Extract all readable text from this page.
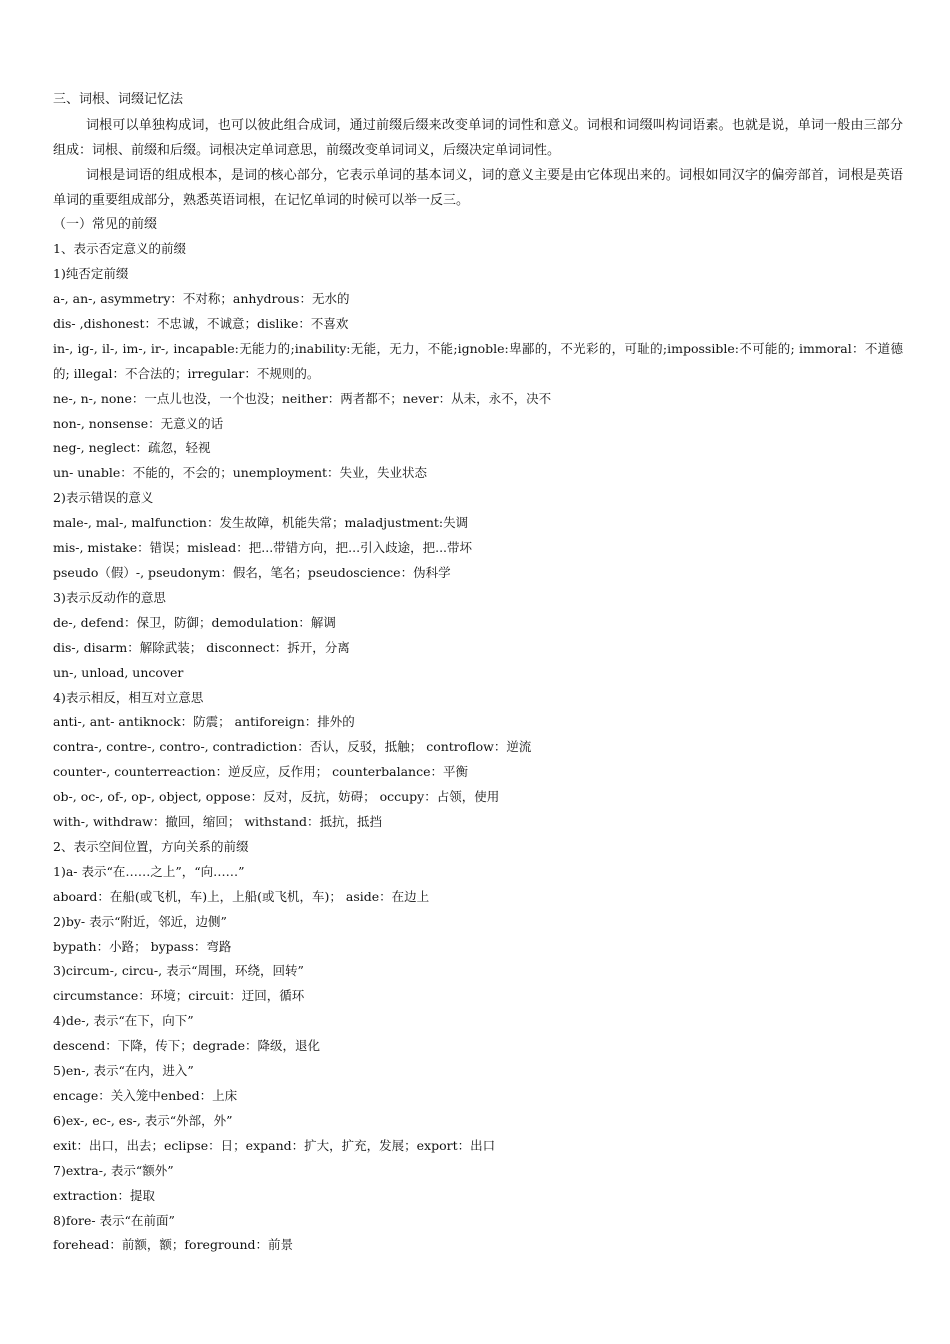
三、词根、词缀记忆法

词根可以单独构成词，也可以彼此组合成词，通过前缀后缀来改变单词的词性和意义。词根和词缀叫构词语素。也就是说，单词一般由三部分组成：词根、前缀和后缀。词根决定单词意思，前缀改变单词词义，后缀决定单词词性。

词根是词语的组成根本，是词的核心部分，它表示单词的基本词义，词的意义主要是由它体现出来的。词根如同汉字的偏旁部首，词根是英语单词的重要组成部分，熟悉英语词根，在记忆单词的时候可以举一反三。

（一）常见的前缀
1、表示否定意义的前缀
1)纯否定前缀
a-, an-, asymmetry：不对称；anhydrous：无水的
dis- ,dishonest：不忠诚，不诚意；dislike：不喜欢

in-, ig-, il-, im-, ir-, incapable:无能力的;inability:无能，无力，不能;ignoble:卑鄙的，不光彩的，可耻的;impossible:不可能的; immoral：不道德的; illegal：不合法的；irregular：不规则的。

ne-, n-, none：一点儿也没，一个也没；neither：两者都不；never：从未，永不，决不
non-, nonsense：无意义的话
neg-, neglect：疏忽，轻视
un- unable：不能的，不会的；unemployment：失业，失业状态
2)表示错误的意义
male-, mal-, malfunction：发生故障，机能失常；maladjustment:失调
mis-, mistake：错误；mislead：把...带错方向，把...引入歧途，把...带坏
pseudo（假）-, pseudonym：假名，笔名；pseudoscience：伪科学
3)表示反动作的意思
de-, defend：保卫，防御；demodulation：解调
dis-, disarm：解除武装； disconnect：拆开，分离
un-, unload, uncover
4)表示相反，相互对立意思
anti-, ant- antiknock：防震； antiforeign：排外的
contra-, contre-, contro-, contradiction：否认，反驳，抵触； controflow：逆流
counter-, counterreaction：逆反应，反作用； counterbalance：平衡
ob-, oc-, of-, op-, object, oppose：反对，反抗，妨碍； occupy：占领，使用
with-, withdraw：撤回，缩回； withstand：抵抗，抵挡
2、表示空间位置，方向关系的前缀
1)a- 表示“在……之上”，“向……”
aboard：在船(或飞机，车)上，上船(或飞机，车)； aside：在边上
2)by- 表示“附近，邻近，边侧”
bypath：小路； bypass：弯路
3)circum-, circu-, 表示“周围，环绕，回转”
circumstance：环境；circuit：迂回，循环
4)de-, 表示“在下，向下”
descend：下降，传下；degrade：降级，退化
5)en-, 表示“在内，进入”
encage：关入笼中enbed：上床
6)ex-, ec-, es-, 表示“外部，外”
exit：出口，出去；eclipse：日；expand：扩大，扩充，发展；export：出口
7)extra-, 表示“额外”
extraction：提取
8)fore- 表示“在前面”
forehead：前额，额；foreground：前景
